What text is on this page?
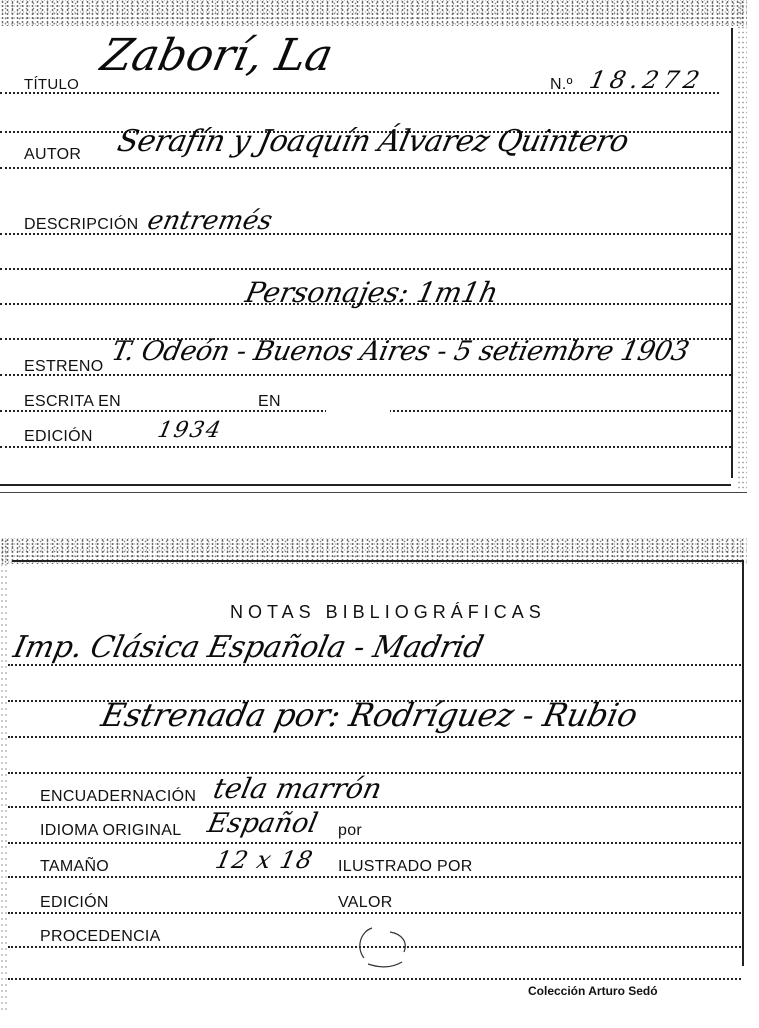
TÍTULO
Zaborí, La
N.º 18.272
AUTOR Serafín y Joaquín Álvarez Quintero
DESCRIPCIÓN entremés
Personajes: 1m1h
ESTRENO T. Odeón - Buenos Aires - 5 setiembre 1903
ESCRITA EN	EN
EDICIÓN	1934
NOTAS BIBLIOGRÁFICAS
Imp. Clásica Española - Madrid
Estrenada por: Rodríguez - Rubio
ENCUADERNACIÓN tela marrón
IDIOMA ORIGINAL Español por
TAMAÑO	12 x 18 ILUSTRADO POR
EDICIÓN	VALOR
PROCEDENCIA
Colección Arturo Sedó
